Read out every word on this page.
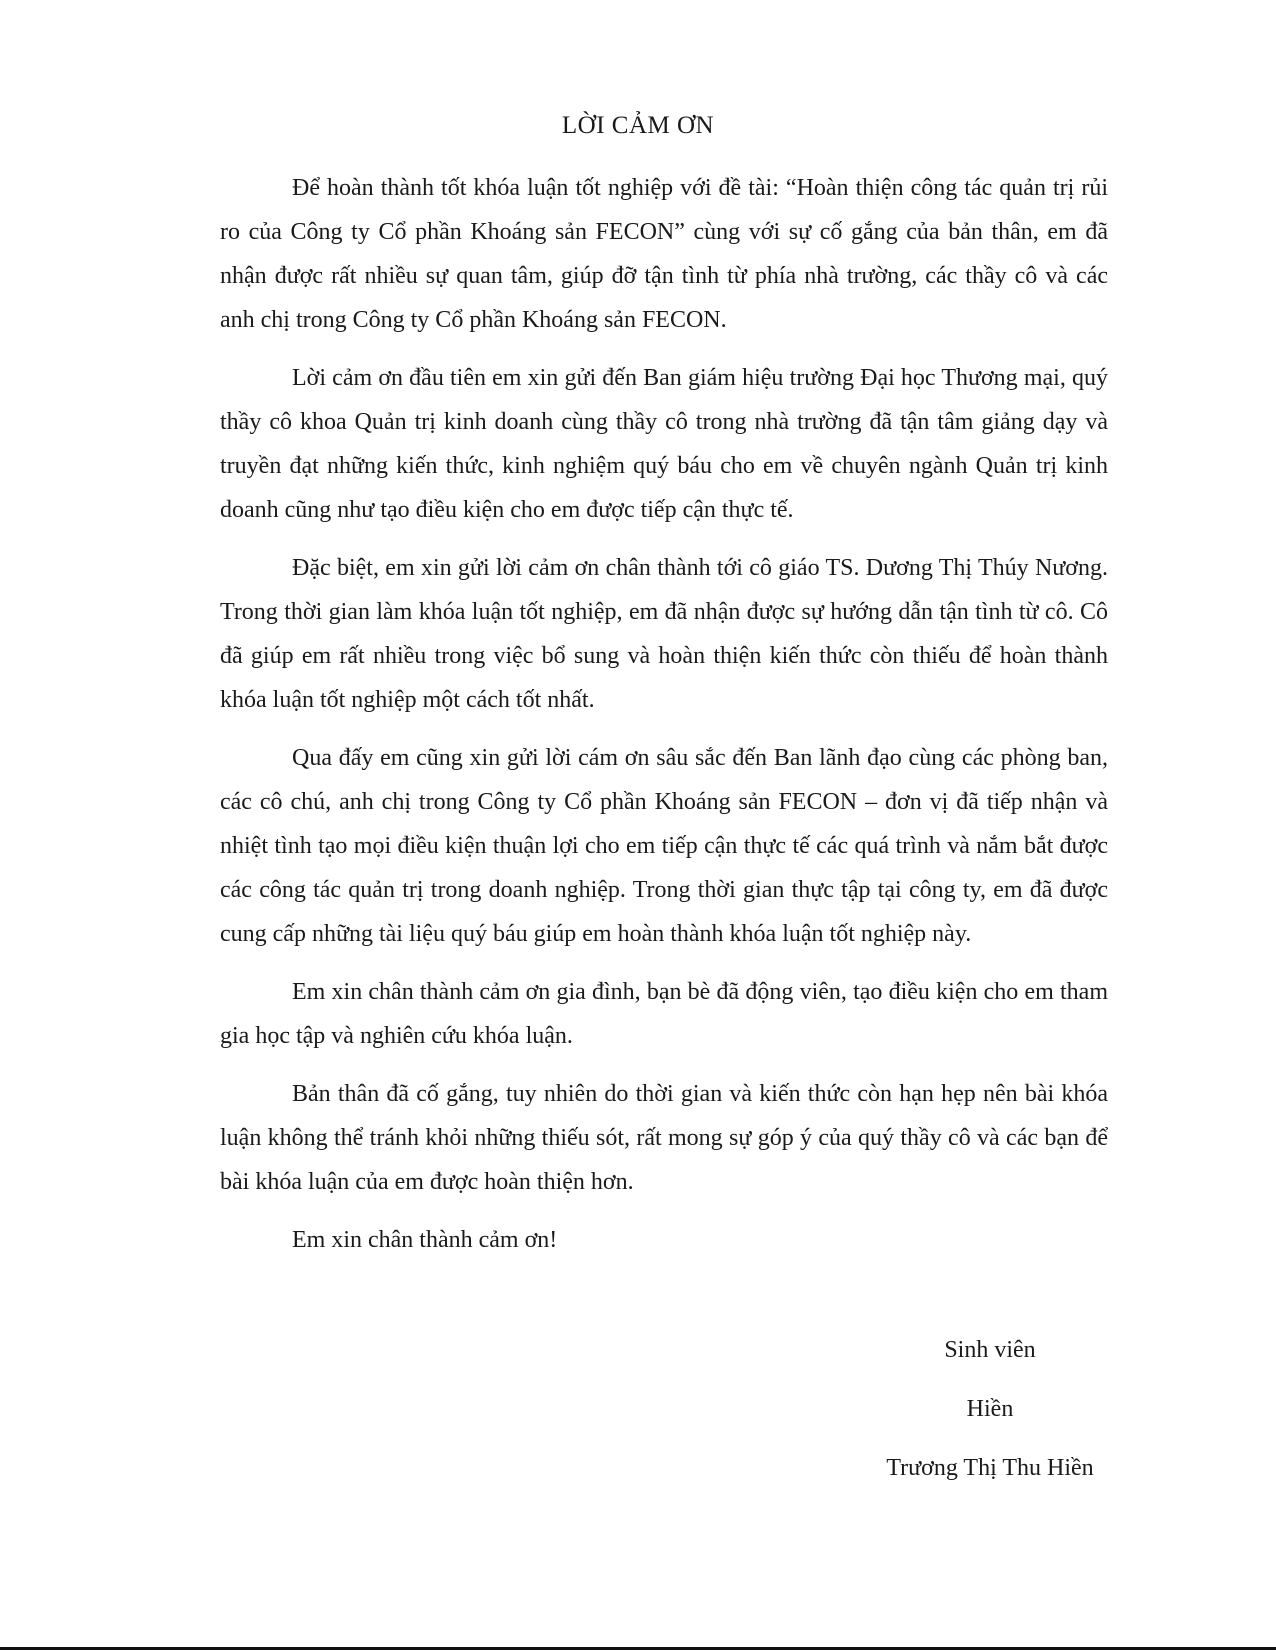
LỜI CẢM ƠN

Để hoàn thành tốt khóa luận tốt nghiệp với đề tài: “Hoàn thiện công tác quản trị rủi ro của Công ty Cổ phần Khoáng sản FECON” cùng với sự cố gắng của bản thân, em đã nhận được rất nhiều sự quan tâm, giúp đỡ tận tình từ phía nhà trường, các thầy cô và các anh chị trong Công ty Cổ phần Khoáng sản FECON.

Lời cảm ơn đầu tiên em xin gửi đến Ban giám hiệu trường Đại học Thương mại, quý thầy cô khoa Quản trị kinh doanh cùng thầy cô trong nhà trường đã tận tâm giảng dạy và truyền đạt những kiến thức, kinh nghiệm quý báu cho em về chuyên ngành Quản trị kinh doanh cũng như tạo điều kiện cho em được tiếp cận thực tế.

Đặc biệt, em xin gửi lời cảm ơn chân thành tới cô giáo TS. Dương Thị Thúy Nương. Trong thời gian làm khóa luận tốt nghiệp, em đã nhận được sự hướng dẫn tận tình từ cô. Cô đã giúp em rất nhiều trong việc bổ sung và hoàn thiện kiến thức còn thiếu để hoàn thành khóa luận tốt nghiệp một cách tốt nhất.

Qua đấy em cũng xin gửi lời cám ơn sâu sắc đến Ban lãnh đạo cùng các phòng ban, các cô chú, anh chị trong Công ty Cổ phần Khoáng sản FECON – đơn vị đã tiếp nhận và nhiệt tình tạo mọi điều kiện thuận lợi cho em tiếp cận thực tế các quá trình và nắm bắt được các công tác quản trị trong doanh nghiệp. Trong thời gian thực tập tại công ty, em đã được cung cấp những tài liệu quý báu giúp em hoàn thành khóa luận tốt nghiệp này.

Em xin chân thành cảm ơn gia đình, bạn bè đã động viên, tạo điều kiện cho em tham gia học tập và nghiên cứu khóa luận.

Bản thân đã cố gắng, tuy nhiên do thời gian và kiến thức còn hạn hẹp nên bài khóa luận không thể tránh khỏi những thiếu sót, rất mong sự góp ý của quý thầy cô và các bạn để bài khóa luận của em được hoàn thiện hơn.

Em xin chân thành cảm ơn!

Sinh viên
Hiền
Trương Thị Thu Hiền
